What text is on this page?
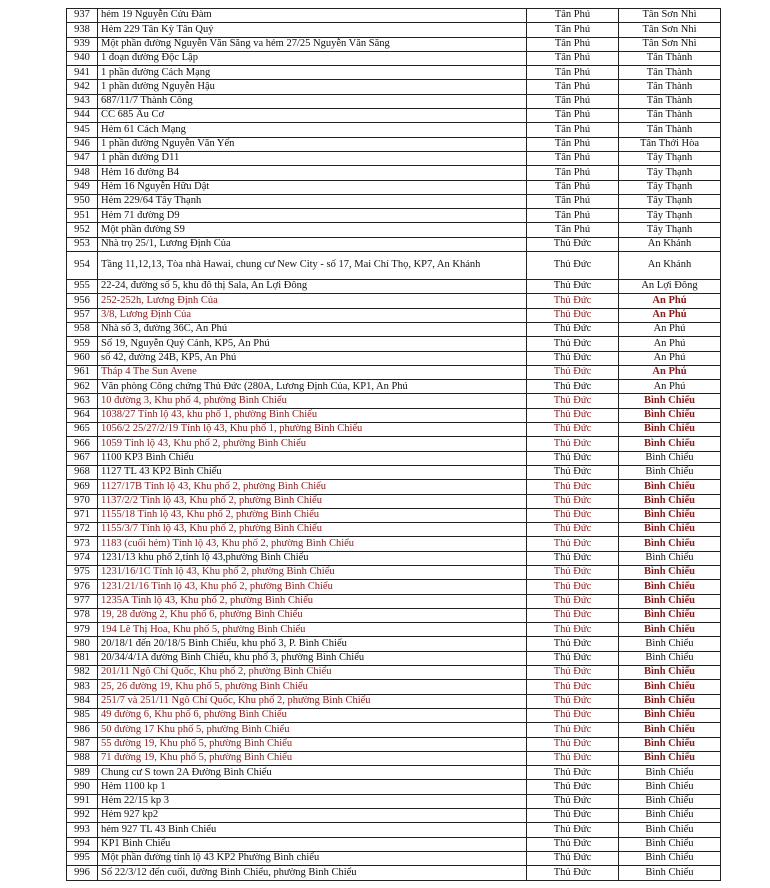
937	hẻm 19 Nguyễn Cửu Đàm	Tân Phú	Tân Sơn Nhì
938	Hẻm 229 Tân Kỳ Tân Quý	Tân Phú	Tân Sơn Nhì
939	Một phần đường Nguyễn Văn Săng va hẻm 27/25 Nguyễn Văn Săng	Tân Phú	Tân Sơn Nhì
940	1 đoạn đường Độc Lập	Tân Phú	Tân Thành
941	1 phần đường Cách Mạng	Tân Phú	Tân Thành
942	1 phần đường Nguyễn Hậu	Tân Phú	Tân Thành
943	687/11/7 Thành Công	Tân Phú	Tân Thành
944	CC 685 Âu Cơ	Tân Phú	Tân Thành
945	Hẻm 61 Cách Mạng	Tân Phú	Tân Thành
946	1 phần đường Nguyễn Văn Yến	Tân Phú	Tân Thới Hòa
947	1 phần đường D11	Tân Phú	Tây Thạnh
948	Hẻm 16 đường B4	Tân Phú	Tây Thạnh
949	Hẻm 16 Nguyễn Hữu Dật	Tân Phú	Tây Thạnh
950	Hẻm 229/64 Tây Thạnh	Tân Phú	Tây Thạnh
951	Hẻm 71 đường D9	Tân Phú	Tây Thạnh
952	Một phần đường S9	Tân Phú	Tây Thạnh
953	Nhà trọ 25/1, Lương Định Của	Thủ Đức	An Khánh
954	Tầng 11,12,13, Tòa nhà Hawai, chung cư New City - số 17, Mai Chí Thọ, KP7, An Khánh	Thủ Đức	An Khánh
955	22-24, đường số 5, khu đô thị Sala, An Lợi Đông	Thủ Đức	An Lợi Đông
956	252-252h, Lương Định Của	Thủ Đức	An Phú
957	3/8, Lương Định Của	Thủ Đức	An Phú
958	Nhà số 3, đường 36C, An Phú	Thủ Đức	An Phú
959	Số 19, Nguyễn Quý Cảnh, KP5, An Phú	Thủ Đức	An Phú
960	số 42, đường 24B, KP5, An Phú	Thủ Đức	An Phú
961	Tháp 4 The Sun Avene	Thủ Đức	An Phú
962	Văn phòng Công chứng Thủ Đức (280A, Lương Định Của, KP1, An Phú	Thủ Đức	An Phú
963	10 đường 3, Khu phố 4, phường Bình Chiểu	Thủ Đức	Bình Chiểu
964	1038/27 Tỉnh lộ 43, khu phố 1, phường Bình Chiểu	Thủ Đức	Bình Chiểu
965	1056/2 25/27/2/19 Tỉnh lộ 43, Khu phố 1, phường Bình Chiểu	Thủ Đức	Bình Chiểu
966	1059 Tỉnh lộ 43, Khu phố 2, phường Bình Chiểu	Thủ Đức	Bình Chiểu
967	1100 KP3 Bình Chiểu	Thủ Đức	Bình Chiểu
968	1127 TL 43 KP2 Bình Chiểu	Thủ Đức	Bình Chiểu
969	1127/17B Tỉnh lộ 43, Khu phố 2, phường Bình Chiểu	Thủ Đức	Bình Chiểu
970	1137/2/2 Tỉnh lộ 43, Khu phố 2, phường Bình Chiểu	Thủ Đức	Bình Chiểu
971	1155/18 Tỉnh lộ 43, Khu phố 2, phường Bình Chiểu	Thủ Đức	Bình Chiểu
972	1155/3/7 Tỉnh lộ 43, Khu phố 2, phường Bình Chiểu	Thủ Đức	Bình Chiểu
973	1183 (cuối hẻm) Tỉnh lộ 43, Khu phố 2, phường Bình Chiểu	Thủ Đức	Bình Chiểu
974	1231/13 khu phố 2,tỉnh lộ 43,phường Bình Chiểu	Thủ Đức	Bình Chiểu
975	1231/16/1C Tỉnh lộ 43, Khu phố 2, phường Bình Chiểu	Thủ Đức	Bình Chiểu
976	1231/21/16 Tỉnh lộ 43, Khu phố 2, phường Bình Chiểu	Thủ Đức	Bình Chiểu
977	1235A Tỉnh lộ 43, Khu phố 2, phường Bình Chiểu	Thủ Đức	Bình Chiểu
978	19, 28 đường 2, Khu phố 6, phường Bình Chiểu	Thủ Đức	Bình Chiểu
979	194 Lê Thị Hoa, Khu phố 5, phường Bình Chiểu	Thủ Đức	Bình Chiểu
980	20/18/1 đến 20/18/5 Bình Chiểu, khu phố 3, P. Bình Chiểu	Thủ Đức	Bình Chiểu
981	20/34/4/1A đường Bình Chiểu, khu phố 3, phường Bình Chiểu	Thủ Đức	Bình Chiểu
982	201/11 Ngô Chí Quốc, Khu phố 2, phường Bình Chiểu	Thủ Đức	Bình Chiểu
983	25, 26 đường 19, Khu phố 5, phường Bình Chiểu	Thủ Đức	Bình Chiểu
984	251/7 và 251/11 Ngô Chí Quốc, Khu phố 2, phường Bình Chiểu	Thủ Đức	Bình Chiểu
985	49 đường 6, Khu phố 6, phường Bình Chiểu	Thủ Đức	Bình Chiểu
986	50 đường 17 Khu phố 5, phường Bình Chiểu	Thủ Đức	Bình Chiểu
987	55 đường 19, Khu phố 5, phường Bình Chiểu	Thủ Đức	Bình Chiểu
988	71 đường 19, Khu phố 5, phường Bình Chiểu	Thủ Đức	Bình Chiểu
989	Chung cư S town 2A Đường Bình Chiểu	Thủ Đức	Bình Chiểu
990	Hẻm 1100 kp 1	Thủ Đức	Bình Chiểu
991	Hẻm 22/15 kp 3	Thủ Đức	Bình Chiểu
992	Hẻm 927 kp2	Thủ Đức	Bình Chiểu
993	hẻm 927 TL 43 Bình Chiểu	Thủ Đức	Bình Chiểu
994	KP1 Bình Chiểu	Thủ Đức	Bình Chiểu
995	Một phần đường tỉnh lộ 43 KP2 Phường Bình chiểu	Thủ Đức	Bình Chiểu
996	Số 22/3/12 đến cuối, đường Bình Chiểu, phường Bình Chiểu	Thủ Đức	Bình Chiểu
